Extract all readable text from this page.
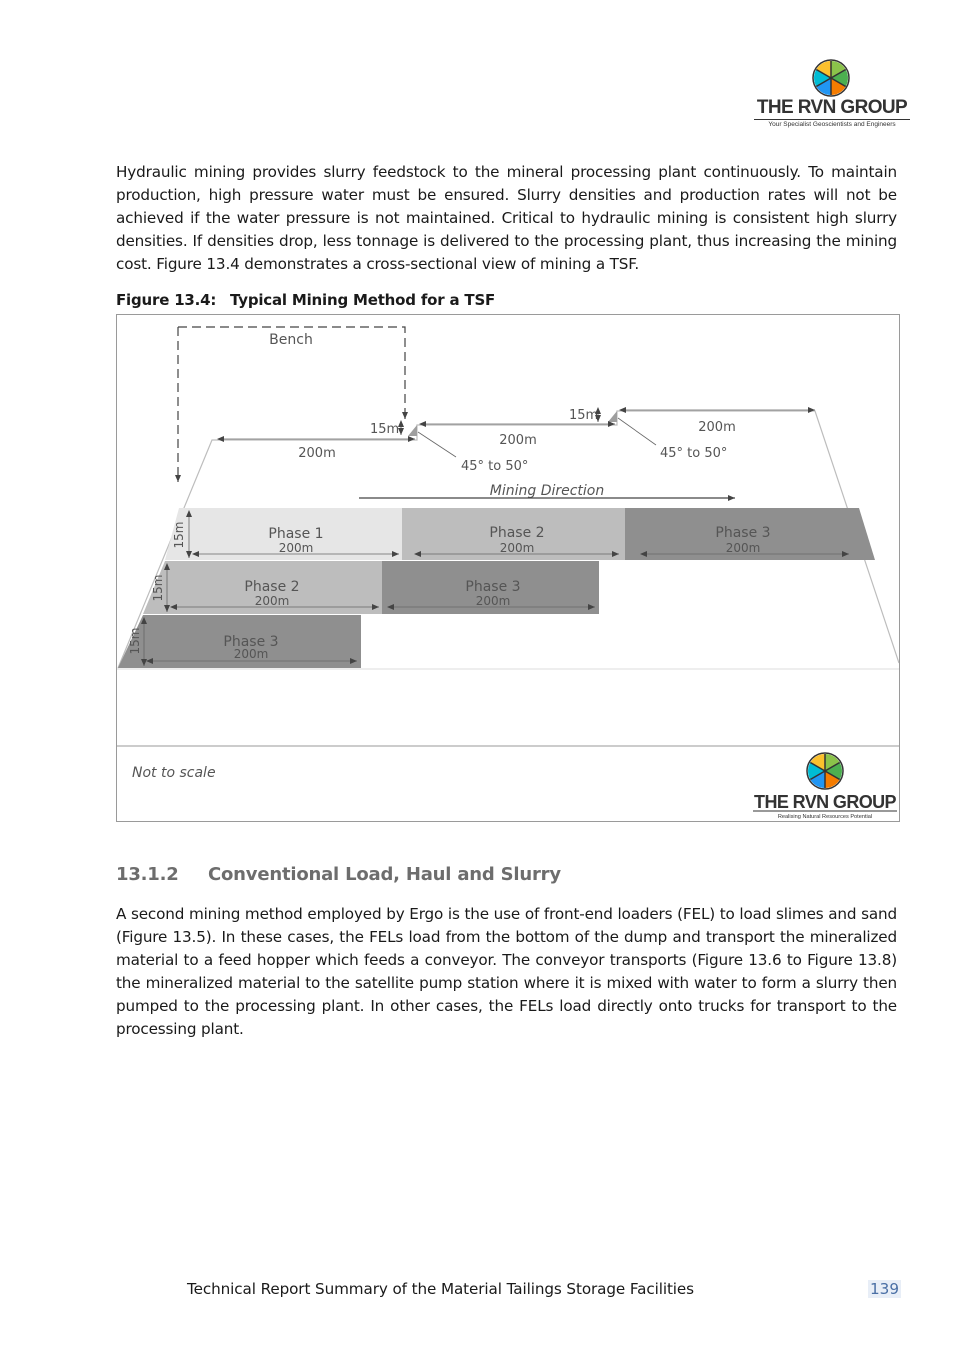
THE RVN GROUP
Your Specialist Geoscientists and Engineers
Hydraulic mining provides slurry feedstock to the mineral processing plant continuously. To maintain production, high pressure water must be ensured. Slurry densities and production rates will not be achieved if the water pressure is not maintained. Critical to hydraulic mining is consistent high slurry densities. If densities drop, less tonnage is delivered to the processing plant, thus increasing the mining cost. Figure 13.4 demonstrates a cross-sectional view of mining a TSF.
Figure 13.4: Typical Mining Method for a TSF
Bench
200m
200m
200m
15m
15m
45° to 50°
45° to 50°
Mining Direction
Phase 1
200m
Phase 2
200m
Phase 3
200m
Phase 2
200m
Phase 3
200m
Phase 3
200m
15m
15m
15m
Not to scale
THE RVN GROUP
Realising Natural Resources Potential
13.1.2 Conventional Load, Haul and Slurry
A second mining method employed by Ergo is the use of front-end loaders (FEL) to load slimes and sand (Figure 13.5). In these cases, the FELs load from the bottom of the dump and transport the mineralized material to a feed hopper which feeds a conveyor. The conveyor transports (Figure 13.6 to Figure 13.8) the mineralized material to the satellite pump station where it is mixed with water to form a slurry then pumped to the processing plant. In other cases, the FELs load directly onto trucks for transport to the processing plant.
Technical Report Summary of the Material Tailings Storage Facilities	139
